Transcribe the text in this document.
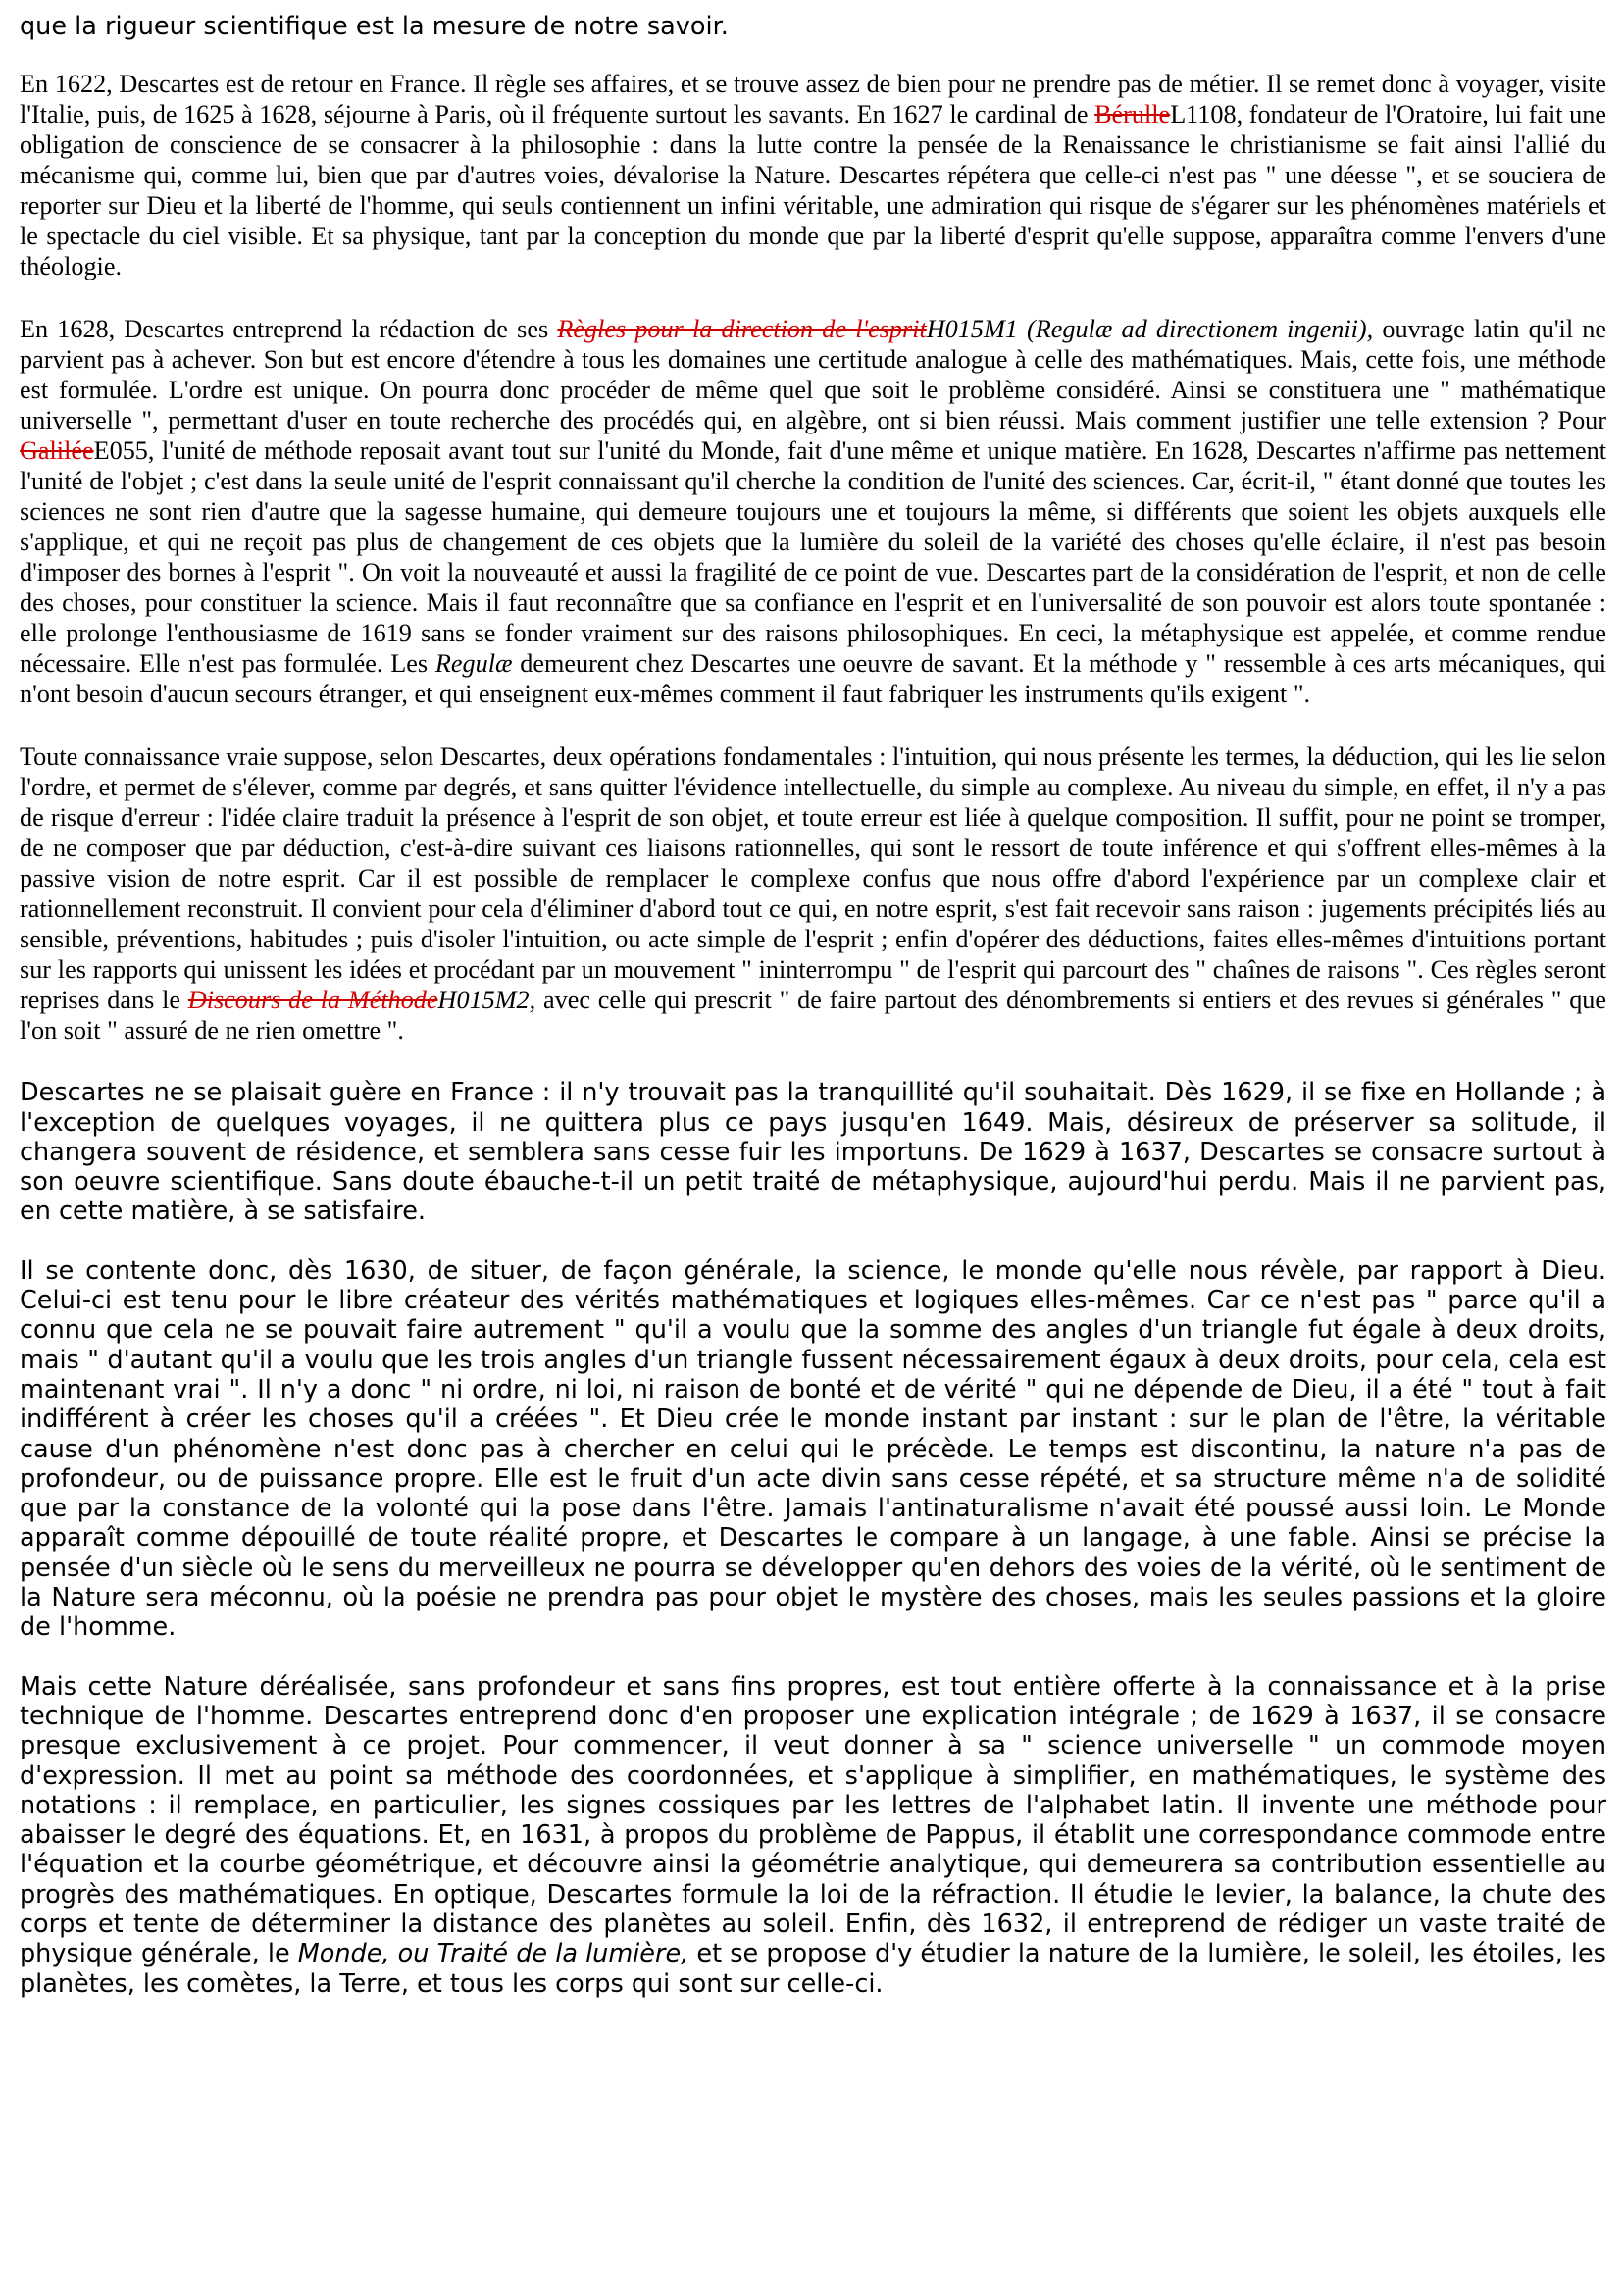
que la rigueur scientifique est la mesure de notre savoir.

En 1622, Descartes est de retour en France. Il règle ses affaires, et se trouve assez de bien pour ne prendre pas de métier. Il se remet donc à voyager, visite l'Italie, puis, de 1625 à 1628, séjourne à Paris, où il fréquente surtout les savants. En 1627 le cardinal de BérulleL1108, fondateur de l'Oratoire, lui fait une obligation de conscience de se consacrer à la philosophie : dans la lutte contre la pensée de la Renaissance le christianisme se fait ainsi l'allié du mécanisme qui, comme lui, bien que par d'autres voies, dévalorise la Nature. Descartes répétera que celle-ci n'est pas " une déesse ", et se souciera de reporter sur Dieu et la liberté de l'homme, qui seuls contiennent un infini véritable, une admiration qui risque de s'égarer sur les phénomènes matériels et le spectacle du ciel visible. Et sa physique, tant par la conception du monde que par la liberté d'esprit qu'elle suppose, apparaîtra comme l'envers d'une théologie.

En 1628, Descartes entreprend la rédaction de ses Règles pour la direction de l'espritH015M1 (Regulæ ad directionem ingenii), ouvrage latin qu'il ne parvient pas à achever. Son but est encore d'étendre à tous les domaines une certitude analogue à celle des mathématiques. Mais, cette fois, une méthode est formulée. L'ordre est unique. On pourra donc procéder de même quel que soit le problème considéré. Ainsi se constituera une " mathématique universelle ", permettant d'user en toute recherche des procédés qui, en algèbre, ont si bien réussi. Mais comment justifier une telle extension ? Pour GaliléeE055, l'unité de méthode reposait avant tout sur l'unité du Monde, fait d'une même et unique matière. En 1628, Descartes n'affirme pas nettement l'unité de l'objet ; c'est dans la seule unité de l'esprit connaissant qu'il cherche la condition de l'unité des sciences. Car, écrit-il, " étant donné que toutes les sciences ne sont rien d'autre que la sagesse humaine, qui demeure toujours une et toujours la même, si différents que soient les objets auxquels elle s'applique, et qui ne reçoit pas plus de changement de ces objets que la lumière du soleil de la variété des choses qu'elle éclaire, il n'est pas besoin d'imposer des bornes à l'esprit ". On voit la nouveauté et aussi la fragilité de ce point de vue. Descartes part de la considération de l'esprit, et non de celle des choses, pour constituer la science. Mais il faut reconnaître que sa confiance en l'esprit et en l'universalité de son pouvoir est alors toute spontanée : elle prolonge l'enthousiasme de 1619 sans se fonder vraiment sur des raisons philosophiques. En ceci, la métaphysique est appelée, et comme rendue nécessaire. Elle n'est pas formulée. Les Regulæ demeurent chez Descartes une oeuvre de savant. Et la méthode y " ressemble à ces arts mécaniques, qui n'ont besoin d'aucun secours étranger, et qui enseignent eux-mêmes comment il faut fabriquer les instruments qu'ils exigent ".

Toute connaissance vraie suppose, selon Descartes, deux opérations fondamentales : l'intuition, qui nous présente les termes, la déduction, qui les lie selon l'ordre, et permet de s'élever, comme par degrés, et sans quitter l'évidence intellectuelle, du simple au complexe. Au niveau du simple, en effet, il n'y a pas de risque d'erreur : l'idée claire traduit la présence à l'esprit de son objet, et toute erreur est liée à quelque composition. Il suffit, pour ne point se tromper, de ne composer que par déduction, c'est-à-dire suivant ces liaisons rationnelles, qui sont le ressort de toute inférence et qui s'offrent elles-mêmes à la passive vision de notre esprit. Car il est possible de remplacer le complexe confus que nous offre d'abord l'expérience par un complexe clair et rationnellement reconstruit. Il convient pour cela d'éliminer d'abord tout ce qui, en notre esprit, s'est fait recevoir sans raison : jugements précipités liés au sensible, préventions, habitudes ; puis d'isoler l'intuition, ou acte simple de l'esprit ; enfin d'opérer des déductions, faites elles-mêmes d'intuitions portant sur les rapports qui unissent les idées et procédant par un mouvement " ininterrompu " de l'esprit qui parcourt des " chaînes de raisons ". Ces règles seront reprises dans le Discours de la MéthodeH015M2, avec celle qui prescrit " de faire partout des dénombrements si entiers et des revues si générales " que l'on soit " assuré de ne rien omettre ".

Descartes ne se plaisait guère en France : il n'y trouvait pas la tranquillité qu'il souhaitait. Dès 1629, il se fixe en Hollande ; à l'exception de quelques voyages, il ne quittera plus ce pays jusqu'en 1649. Mais, désireux de préserver sa solitude, il changera souvent de résidence, et semblera sans cesse fuir les importuns. De 1629 à 1637, Descartes se consacre surtout à son oeuvre scientifique. Sans doute ébauche-t-il un petit traité de métaphysique, aujourd'hui perdu. Mais il ne parvient pas, en cette matière, à se satisfaire.

Il se contente donc, dès 1630, de situer, de façon générale, la science, le monde qu'elle nous révèle, par rapport à Dieu. Celui-ci est tenu pour le libre créateur des vérités mathématiques et logiques elles-mêmes. Car ce n'est pas " parce qu'il a connu que cela ne se pouvait faire autrement " qu'il a voulu que la somme des angles d'un triangle fut égale à deux droits, mais " d'autant qu'il a voulu que les trois angles d'un triangle fussent nécessairement égaux à deux droits, pour cela, cela est maintenant vrai ". Il n'y a donc " ni ordre, ni loi, ni raison de bonté et de vérité " qui ne dépende de Dieu, il a été " tout à fait indifférent à créer les choses qu'il a créées ". Et Dieu crée le monde instant par instant : sur le plan de l'être, la véritable cause d'un phénomène n'est donc pas à chercher en celui qui le précède. Le temps est discontinu, la nature n'a pas de profondeur, ou de puissance propre. Elle est le fruit d'un acte divin sans cesse répété, et sa structure même n'a de solidité que par la constance de la volonté qui la pose dans l'être. Jamais l'antinaturalisme n'avait été poussé aussi loin. Le Monde apparaît comme dépouillé de toute réalité propre, et Descartes le compare à un langage, à une fable. Ainsi se précise la pensée d'un siècle où le sens du merveilleux ne pourra se développer qu'en dehors des voies de la vérité, où le sentiment de la Nature sera méconnu, où la poésie ne prendra pas pour objet le mystère des choses, mais les seules passions et la gloire de l'homme.

Mais cette Nature déréalisée, sans profondeur et sans fins propres, est tout entière offerte à la connaissance et à la prise technique de l'homme. Descartes entreprend donc d'en proposer une explication intégrale ; de 1629 à 1637, il se consacre presque exclusivement à ce projet. Pour commencer, il veut donner à sa " science universelle " un commode moyen d'expression. Il met au point sa méthode des coordonnées, et s'applique à simplifier, en mathématiques, le système des notations : il remplace, en particulier, les signes cossiques par les lettres de l'alphabet latin. Il invente une méthode pour abaisser le degré des équations. Et, en 1631, à propos du problème de Pappus, il établit une correspondance commode entre l'équation et la courbe géométrique, et découvre ainsi la géométrie analytique, qui demeurera sa contribution essentielle au progrès des mathématiques. En optique, Descartes formule la loi de la réfraction. Il étudie le levier, la balance, la chute des corps et tente de déterminer la distance des planètes au soleil. Enfin, dès 1632, il entreprend de rédiger un vaste traité de physique générale, le Monde, ou Traité de la lumière, et se propose d'y étudier la nature de la lumière, le soleil, les étoiles, les planètes, les comètes, la Terre, et tous les corps qui sont sur celle-ci.
